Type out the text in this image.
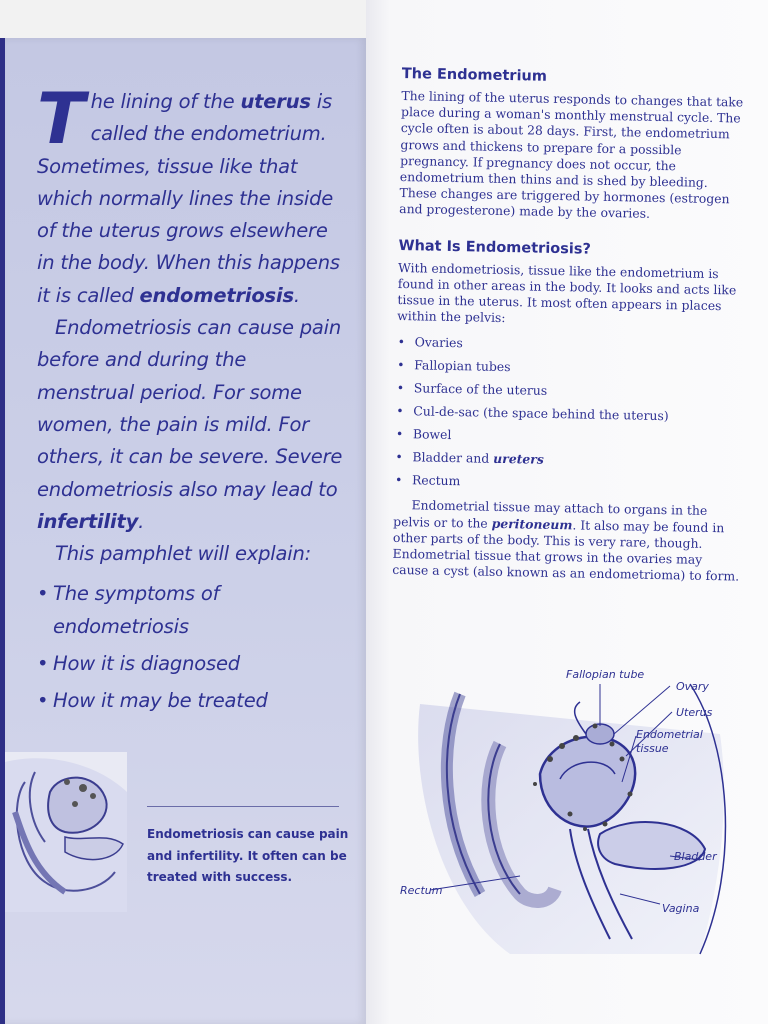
The lining of the uterus is called the endometrium. Sometimes, tissue like that which normally lines the inside of the uterus grows elsewhere in the body. When this happens it is called endometriosis.

Endometriosis can cause pain before and during the menstrual period. For some women, the pain is mild. For others, it can be severe. Severe endometriosis also may lead to infertility.

This pamphlet will explain:

• The symptoms of endometriosis
• How it is diagnosed
• How it may be treated
Endometriosis can cause pain and infertility. It often can be treated with success.
The Endometrium

The lining of the uterus responds to changes that take place during a woman's monthly menstrual cycle. The cycle often is about 28 days. First, the endometrium grows and thickens to prepare for a possible pregnancy. If pregnancy does not occur, the endometrium then thins and is shed by bleeding. These changes are triggered by hormones (estrogen and progesterone) made by the ovaries.

What Is Endometriosis?

With endometriosis, tissue like the endometrium is found in other areas in the body. It looks and acts like tissue in the uterus. It most often appears in places within the pelvis:

• Ovaries
• Fallopian tubes
• Surface of the uterus
• Cul-de-sac (the space behind the uterus)
• Bowel
• Bladder and ureters
• Rectum

Endometrial tissue may attach to organs in the pelvis or to the peritoneum. It also may be found in other parts of the body. This is very rare, though. Endometrial tissue that grows in the ovaries may cause a cyst (also known as an endometrioma) to form.

Fallopian tube
Ovary
Uterus
Endometrial
tissue
Bladder
Rectum
Vagina
